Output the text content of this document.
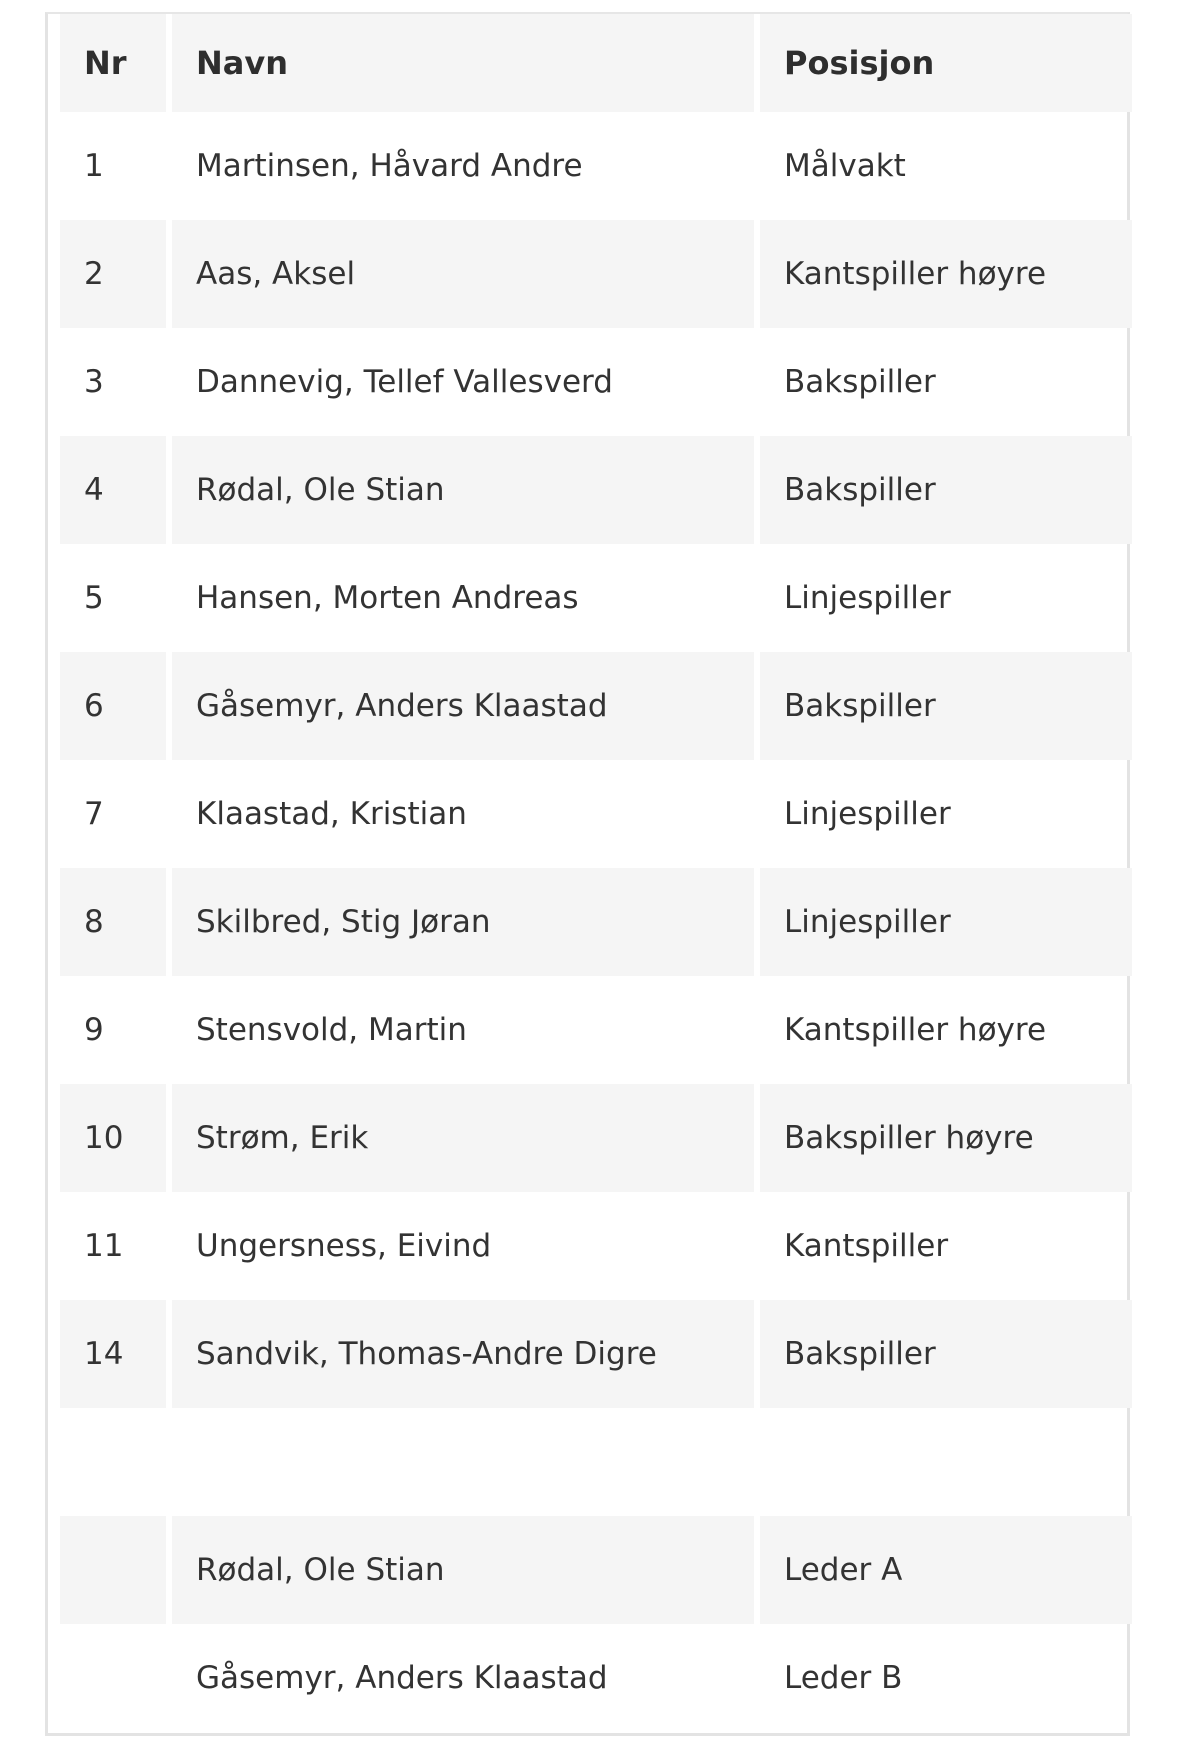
Nr	Navn	Posisjon
1	Martinsen, Håvard Andre	Målvakt
2	Aas, Aksel	Kantspiller høyre
3	Dannevig, Tellef Vallesverd	Bakspiller
4	Rødal, Ole Stian	Bakspiller
5	Hansen, Morten Andreas	Linjespiller
6	Gåsemyr, Anders Klaastad	Bakspiller
7	Klaastad, Kristian	Linjespiller
8	Skilbred, Stig Jøran	Linjespiller
9	Stensvold, Martin	Kantspiller høyre
10	Strøm, Erik	Bakspiller høyre
11	Ungersness, Eivind	Kantspiller
14	Sandvik, Thomas-Andre Digre	Bakspiller

	Rødal, Ole Stian	Leder A
	Gåsemyr, Anders Klaastad	Leder B
